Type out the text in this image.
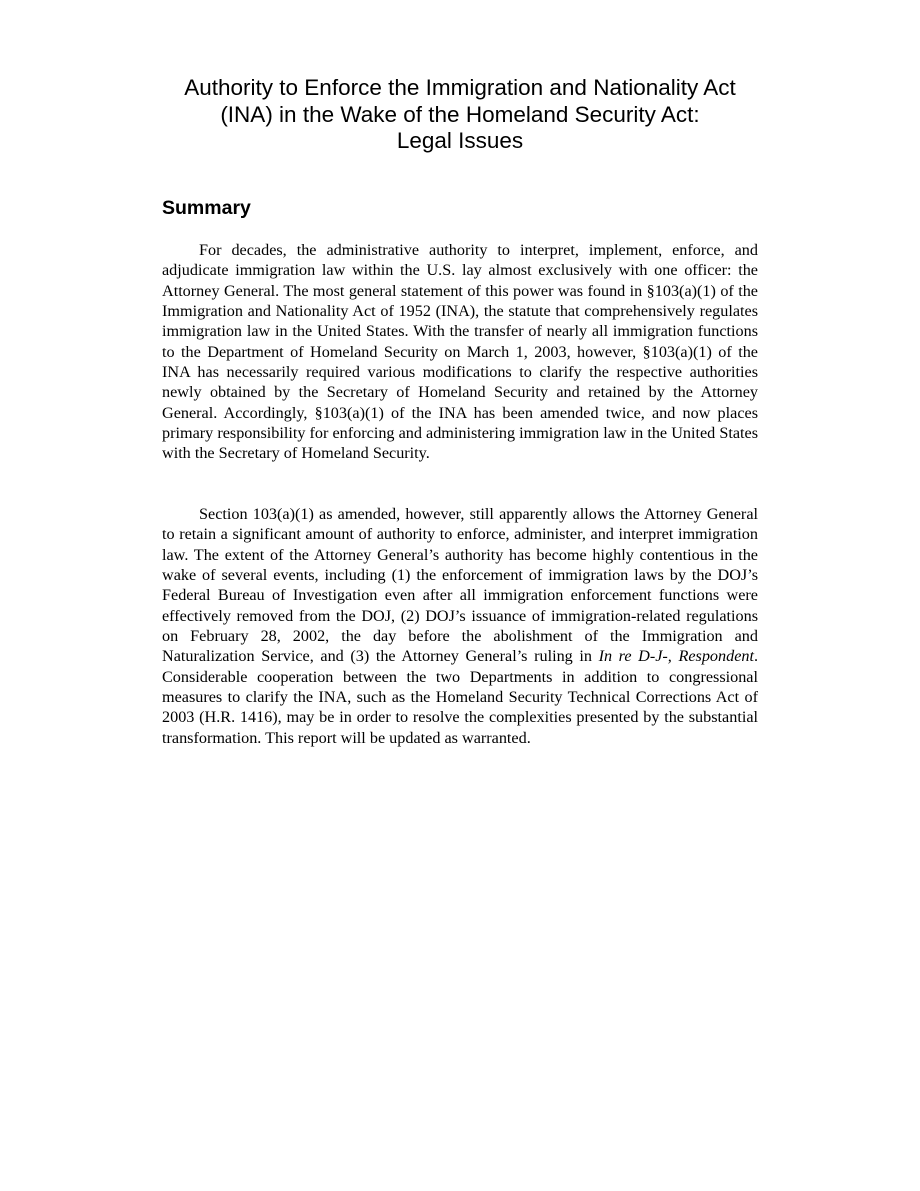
Authority to Enforce the Immigration and Nationality Act
(INA) in the Wake of the Homeland Security Act:
Legal Issues
Summary

For decades, the administrative authority to interpret, implement, enforce, and adjudicate immigration law within the U.S. lay almost exclusively with one officer: the Attorney General. The most general statement of this power was found in §103(a)(1) of the Immigration and Nationality Act of 1952 (INA), the statute that comprehensively regulates immigration law in the United States. With the transfer of nearly all immigration functions to the Department of Homeland Security on March 1, 2003, however, §103(a)(1) of the INA has necessarily required various modifications to clarify the respective authorities newly obtained by the Secretary of Homeland Security and retained by the Attorney General. Accordingly, §103(a)(1) of the INA has been amended twice, and now places primary responsibility for enforcing and administering immigration law in the United States with the Secretary of Homeland Security.

Section 103(a)(1) as amended, however, still apparently allows the Attorney General to retain a significant amount of authority to enforce, administer, and interpret immigration law. The extent of the Attorney General’s authority has become highly contentious in the wake of several events, including (1) the enforcement of immigration laws by the DOJ’s Federal Bureau of Investigation even after all immigration enforcement functions were effectively removed from the DOJ, (2) DOJ’s issuance of immigration-related regulations on February 28, 2002, the day before the abolishment of the Immigration and Naturalization Service, and (3) the Attorney General’s ruling in In re D-J-, Respondent. Considerable cooperation between the two Departments in addition to congressional measures to clarify the INA, such as the Homeland Security Technical Corrections Act of 2003 (H.R. 1416), may be in order to resolve the complexities presented by the substantial transformation. This report will be updated as warranted.
